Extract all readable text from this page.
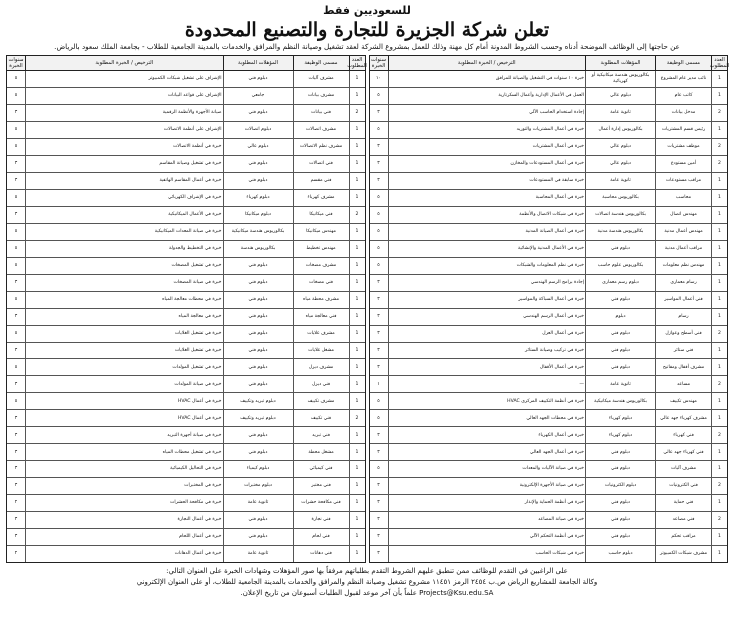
للسعوديين فقط
تعلن شركة الجزيرة للتجارة والتصنيع المحدودة
عن حاجتها إلى الوظائف الموضحة أدناه وحسب الشروط المدونة أمام كل مهنة وذلك للعمل بمشروع الشركة لعقد تشغيل وصيانة النظم والمرافق والخدمات بالمدينة الجامعية للطلاب - بجامعة الملك سعود بالرياض.
العدد المطلوب
مسمى الوظيفة
المؤهلات المطلوبة
الترخيص / الخبرة المطلوبة
سنوات الخبرة
1
نائب مدير عام المشروع
بكالوريوس هندسة ميكانيكية أو كهربائية
خبرة ١٠ سنوات في التشغيل والصيانة للمرافق
١٠
1
كاتب عام
دبلوم عالي
العمل في الأعمال الإدارية وأعمال السكرتارية
٥
2
مدخل بيانات
ثانوية عامة
إجادة استخدام الحاسب الآلي
٣
1
رئيس قسم المشتريات
بكالوريوس إدارة أعمال
خبرة في أعمال المشتريات والتوريد
٥
2
موظف مشتريات
دبلوم عالي
خبرة في أعمال المشتريات
٣
2
أمين مستودع
دبلوم عالي
خبرة في أعمال المستودعات والمخازن
٣
1
مراقب مستودعات
ثانوية عامة
خبرة سابقة في المستودعات
٣
1
محاسب
بكالوريوس محاسبة
خبرة في أعمال المحاسبة
٥
1
مهندس اتصال
بكالوريوس هندسة اتصالات
خبرة في شبكات الاتصال والأنظمة
٥
1
مهندس أعمال مدنية
بكالوريوس هندسة مدنية
خبرة في أعمال الصيانة المدنية
٥
1
مراقب أعمال مدنية
دبلوم فني
خبرة في الأعمال المدنية والإنشائية
٥
1
مهندس نظم معلومات
بكالوريوس علوم حاسب
خبرة في نظم المعلومات والشبكات
٥
1
رسام معماري
دبلوم رسم معماري
إجادة برامج الرسم الهندسي
٣
1
فني أعمال المواسير
دبلوم فني
خبرة في أعمال السباكة والمواسير
٣
1
رسام
دبلوم
خبرة في أعمال الرسم الهندسي
٣
2
فني أسطح وعوازل
دبلوم فني
خبرة في أعمال العزل
٣
1
فني ستائر
دبلوم فني
خبرة في تركيب وصيانة الستائر
٣
1
مشرف أقفال ومفاتيح
دبلوم فني
خبرة في أعمال الأقفال
٣
2
مساعد
ثانوية عامة
—
١
1
مهندس تكييف
بكالوريوس هندسة ميكانيكية
خبرة في أنظمة التكييف المركزي HVAC
٥
1
مشرف كهرباء جهد عالي
دبلوم كهرباء
خبرة في محطات الجهد العالي
٥
2
فني كهرباء
دبلوم كهرباء
خبرة في أعمال الكهرباء
٣
1
فني كهرباء جهد عالي
دبلوم فني
خبرة في أعمال الجهد العالي
٣
1
مشرف آليات
دبلوم فني
خبرة في صيانة الآليات والمعدات
٥
2
فني الكترونيات
دبلوم الكترونيات
خبرة في صيانة الأجهزة الإلكترونية
٣
1
فني حماية
دبلوم فني
خبرة في أنظمة الحماية والإنذار
٣
2
فني مصاعد
دبلوم فني
خبرة في صيانة المصاعد
٣
1
مراقب تحكم
دبلوم فني
خبرة في أنظمة التحكم الآلي
٣
1
مشرف شبكات الكمبيوتر
دبلوم حاسب
خبرة في شبكات الحاسب
٣
العدد المطلوب
مسمى الوظيفة
المؤهلات المطلوبة
الترخيص / الخبرة المطلوبة
سنوات الخبرة
1
مشرف آليات
دبلوم فني
الإشراف على تشغيل شبكات الكمبيوتر
٥
1
مشرف بيانات
جامعي
الإشراف على قواعد البيانات
٥
2
فني بيانات
دبلوم فني
صيانة الأجهزة والأنظمة الرقمية
٣
1
مشرف اتصالات
دبلوم اتصالات
الإشراف على أنظمة الاتصالات
٥
1
مشرف نظم الاتصالات
دبلوم عالي
خبرة في أنظمة الاتصالات
٥
1
فني اتصالات
دبلوم فني
خبرة في تشغيل وصيانة المقاسم
٣
1
فني مقسم
دبلوم فني
خبرة في أعمال المقاسم الهاتفية
٣
1
مشرف كهرباء
دبلوم كهرباء
خبرة في الإشراف الكهربائي
٥
2
فني ميكانيكا
دبلوم ميكانيكا
خبرة في الأعمال الميكانيكية
٣
1
مهندس ميكانيكا
بكالوريوس هندسة ميكانيكية
خبرة في صيانة المعدات الميكانيكية
٥
1
مهندس تخطيط
بكالوريوس هندسة
خبرة في التخطيط والجدولة
٥
1
مشرف مضخات
دبلوم فني
خبرة في تشغيل المضخات
٥
1
فني مضخات
دبلوم فني
خبرة في صيانة المضخات
٣
1
مشرف محطة مياه
دبلوم فني
خبرة في محطات معالجة المياه
٥
1
فني معالجة مياه
دبلوم فني
خبرة في معالجة المياه
٣
1
مشرف غلايات
دبلوم فني
خبرة في تشغيل الغلايات
٥
1
مشغل غلايات
دبلوم فني
خبرة في تشغيل الغلايات
٣
1
مشرف ديزل
دبلوم فني
خبرة في تشغيل المولدات
٥
1
فني ديزل
دبلوم فني
خبرة في صيانة المولدات
٣
1
مشرف تكييف
دبلوم تبريد وتكييف
خبرة في أعمال HVAC
٥
2
فني تكييف
دبلوم تبريد وتكييف
خبرة في أعمال HVAC
٣
1
فني تبريد
دبلوم فني
خبرة في صيانة أجهزة التبريد
٣
1
مشغل محطة
دبلوم فني
خبرة في تشغيل محطات المياه
٣
1
فني كيميائي
دبلوم كيمياء
خبرة في التحاليل الكيميائية
٣
1
فني مختبر
دبلوم مختبرات
خبرة في المختبرات
٣
1
فني مكافحة حشرات
ثانوية عامة
خبرة في مكافحة الحشرات
٢
1
فني نجارة
دبلوم فني
خبرة في أعمال النجارة
٣
1
فني لحام
دبلوم فني
خبرة في أعمال اللحام
٣
1
فني دهانات
ثانوية عامة
خبرة في أعمال الدهانات
٢
على الراغبين في التقدم للوظائف ممن تنطبق عليهم الشروط التقدم بطلباتهم مرفقاً بها صور المؤهلات وشهادات الخبرة على العنوان التالي:
وكالة الجامعة للمشاريع الرياض ص.ب ٢٤٥٤ الرمز ١١٤٥١ مشروع تشغيل وصيانة النظم والمرافق والخدمات بالمدينة الجامعية للطلاب، أو على العنوان الإلكتروني
Projects@Ksu.edu.SA علماً بأن آخر موعد لقبول الطلبات أسبوعان من تاريخ الإعلان.
